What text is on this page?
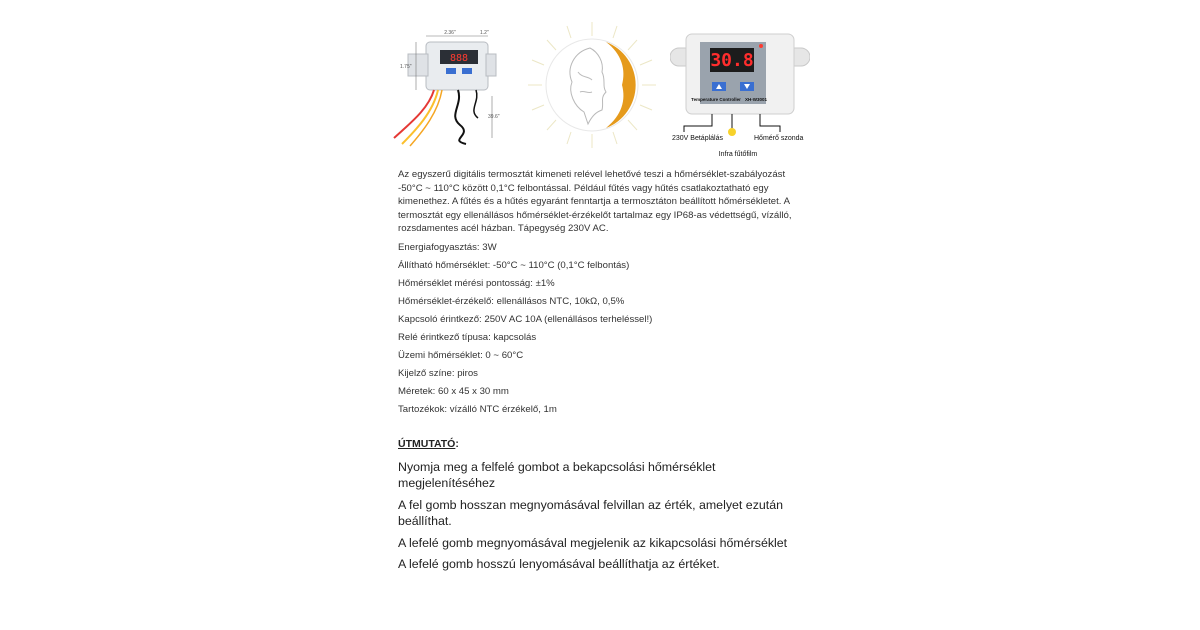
888
2.36"	1.2"
1.75"
39.6"
30.8
Temperature Controller XH-W3001
230V Betáplálás	Hőmérő szonda
Infra fűtőfilm
Az egyszerű digitális termosztát kimeneti relével lehetővé teszi a hőmérséklet-szabályozást -50°C ~ 110°C között 0,1°C felbontással. Például fűtés vagy hűtés csatlakoztatható egy kimenethez. A fűtés és a hűtés egyaránt fenntartja a termosztáton beállított hőmérsékletet. A termosztát egy ellenállásos hőmérséklet-érzékelőt tartalmaz egy IP68-as védettségű, vízálló, rozsdamentes acél házban. Tápegység 230V AC.
Energiafogyasztás: 3W
Állítható hőmérséklet: -50°C ~ 110°C (0,1°C felbontás)
Hőmérséklet mérési pontosság: ±1%
Hőmérséklet-érzékelő: ellenállásos NTC, 10kΩ, 0,5%
Kapcsoló érintkező: 250V AC 10A (ellenállásos terheléssel!)
Relé érintkező típusa: kapcsolás
Üzemi hőmérséklet: 0 ~ 60°C
Kijelző színe: piros
Méretek: 60 x 45 x 30 mm
Tartozékok: vízálló NTC érzékelő, 1m
ÚTMUTATÓ:
Nyomja meg a felfelé gombot a bekapcsolási hőmérséklet megjelenítéséhez
A fel gomb hosszan megnyomásával felvillan az érték, amelyet ezután beállíthat.
A lefelé gomb megnyomásával megjelenik az kikapcsolási hőmérséklet
A lefelé gomb hosszú lenyomásával beállíthatja az értéket.
